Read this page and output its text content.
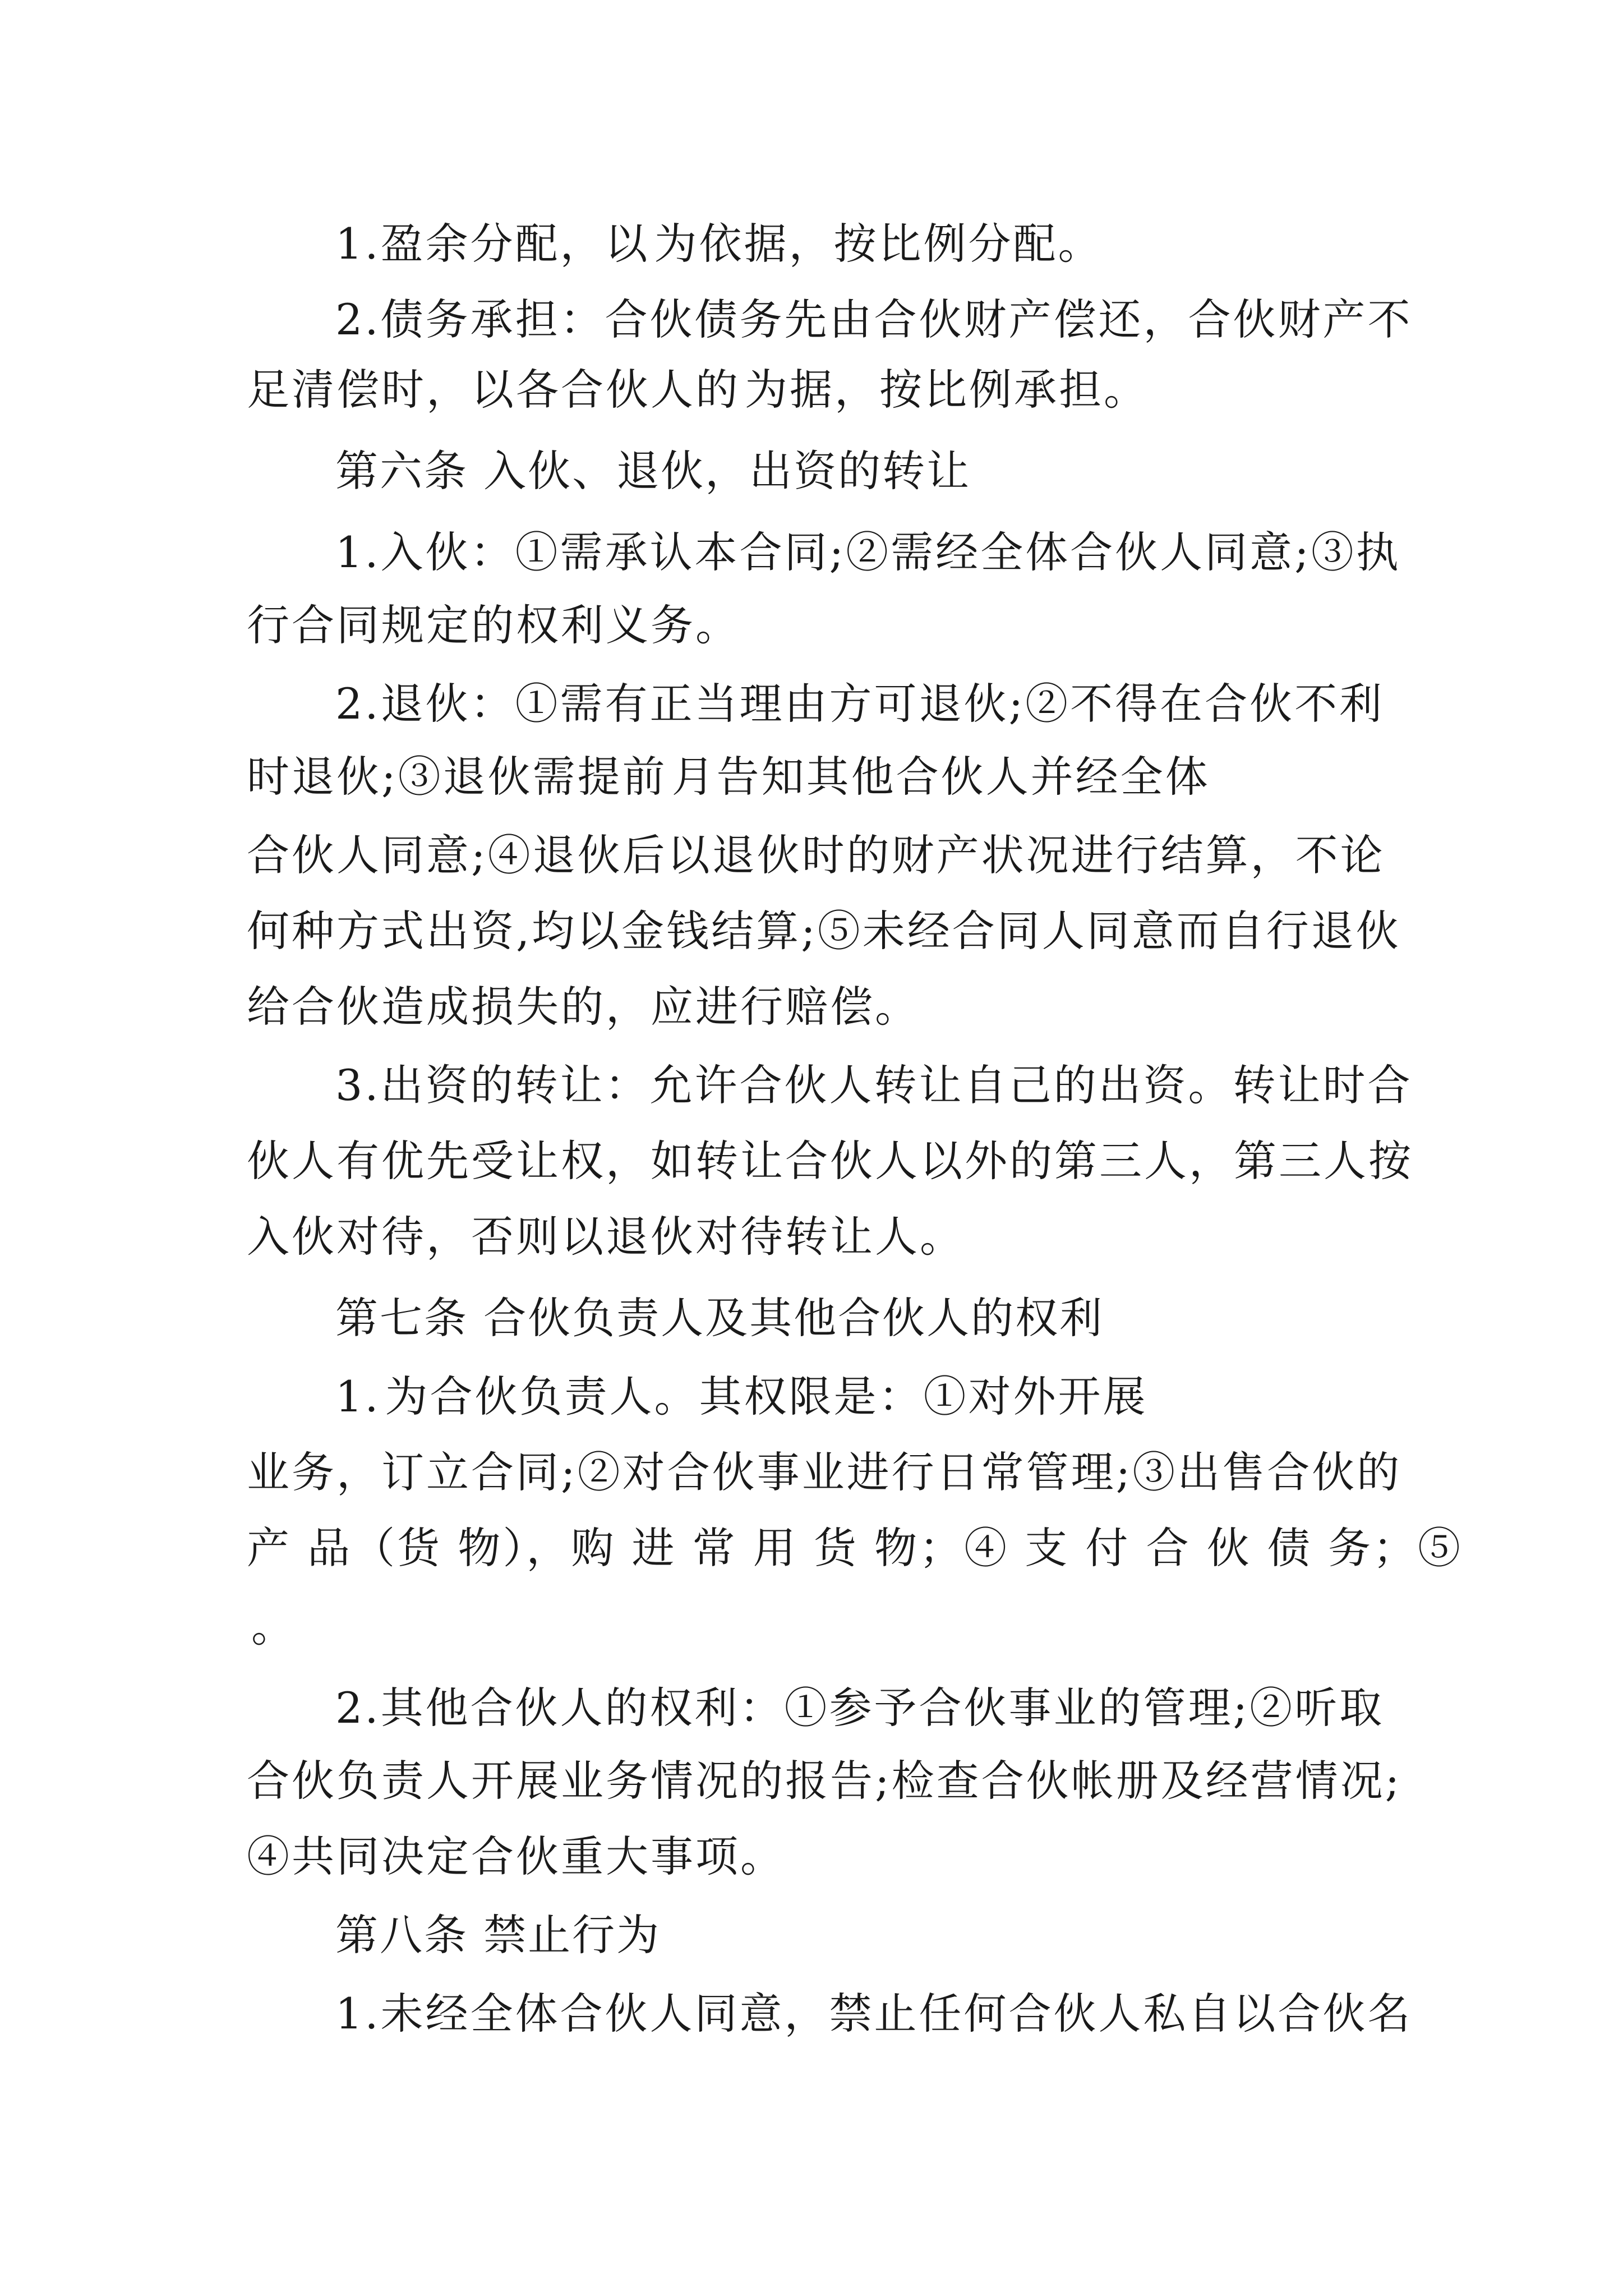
1.盈余分配，以 为依据，按比例分配。
2.债务承担：合伙债务先由合伙财产偿还，合伙财产不
足清偿时，以各合伙人的 为据，按比例承担。
第六条 入伙、退伙，出资的转让
1.入伙：①需承认本合同;②需经全体合伙人同意;③执
行合同规定的权利义务。
2.退伙：①需有正当理由方可退伙;②不得在合伙不利
时退伙;③退伙需提前 月告知其他合伙人并经全体
合伙人同意;④退伙后以退伙时的财产状况进行结算，不论
何种方式出资,均以金钱结算;⑤未经合同人同意而自行退伙
给合伙造成损失的，应进行赔偿。
3.出资的转让：允许合伙人转让自己的出资。转让时合
伙人有优先受让权，如转让合伙人以外的第三人，第三人按
入伙对待，否则以退伙对待转让人。
第七条 合伙负责人及其他合伙人的权利
1. 为合伙负责人。其权限是：①对外开展
业务，订立合同;②对合伙事业进行日常管理;③出售合伙的
产 品（货 物），购 进 常 用 货 物；④ 支 付 合 伙 债 务；⑤
。
2.其他合伙人的权利：①参予合伙事业的管理;②听取
合伙负责人开展业务情况的报告;检查合伙帐册及经营情况;
④共同决定合伙重大事项。
第八条 禁止行为
1.未经全体合伙人同意，禁止任何合伙人私自以合伙名
